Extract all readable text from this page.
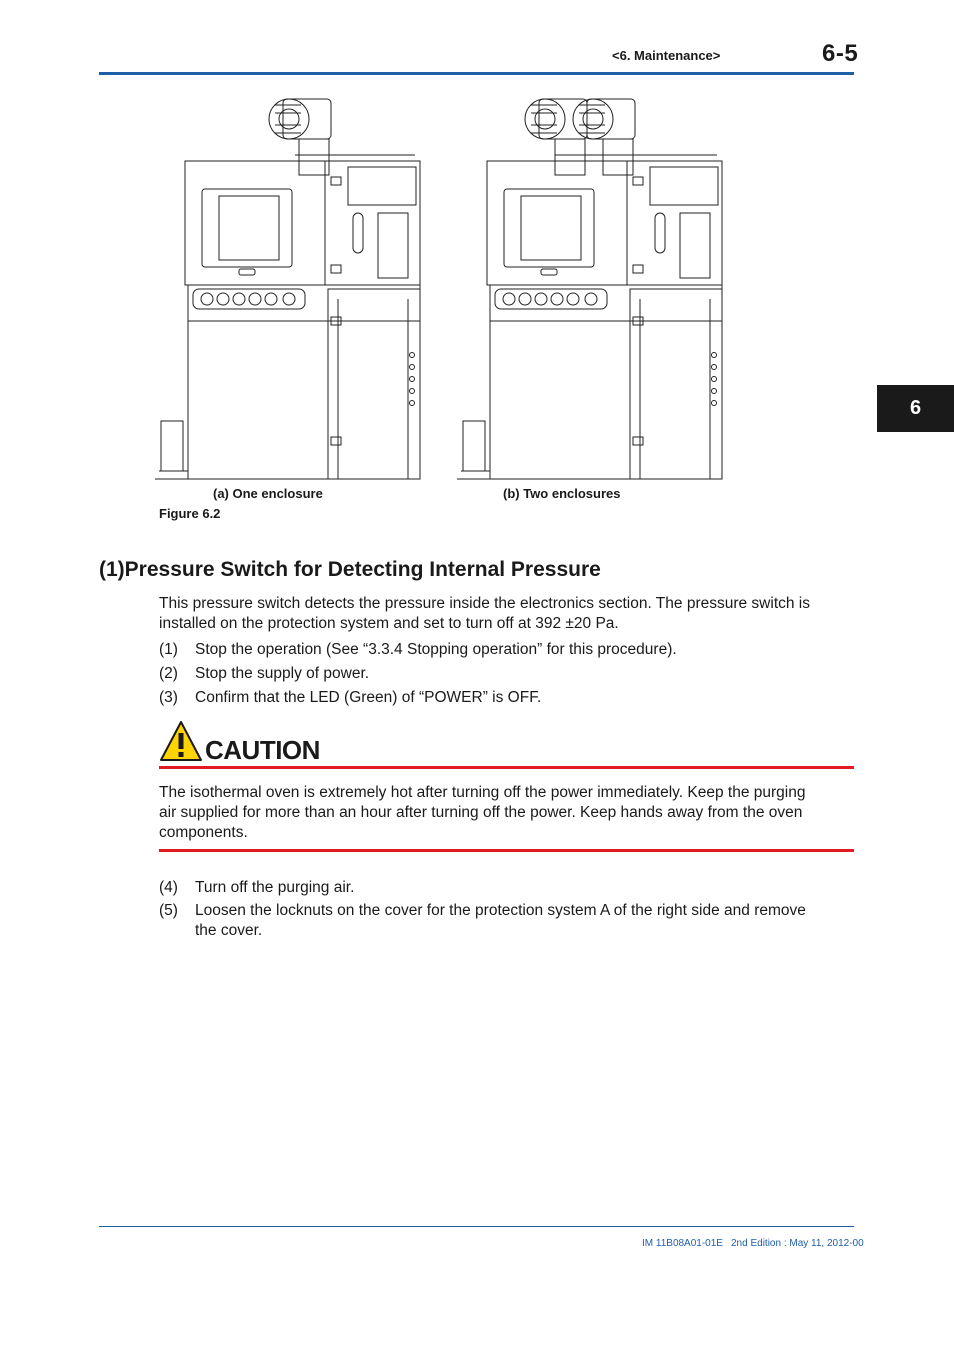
<6. Maintenance>	6-5
6
(a) One enclosure	(b) Two enclosures
Figure 6.2
(1)Pressure Switch for Detecting Internal Pressure
This pressure switch detects the pressure inside the electronics section. The pressure switch is
installed on the protection system and set to turn off at 392 ±20 Pa.
(1) Stop the operation (See “3.3.4 Stopping operation” for this procedure).
(2) Stop the supply of power.
(3) Confirm that the LED (Green) of “POWER” is OFF.
CAUTION
The isothermal oven is extremely hot after turning off the power immediately. Keep the purging
air supplied for more than an hour after turning off the power. Keep hands away from the oven
components.
(4) Turn off the purging air.
(5) Loosen the locknuts on the cover for the protection system A of the right side and remove
the cover.
IM 11B08A01-01E 2nd Edition : May 11, 2012-00
